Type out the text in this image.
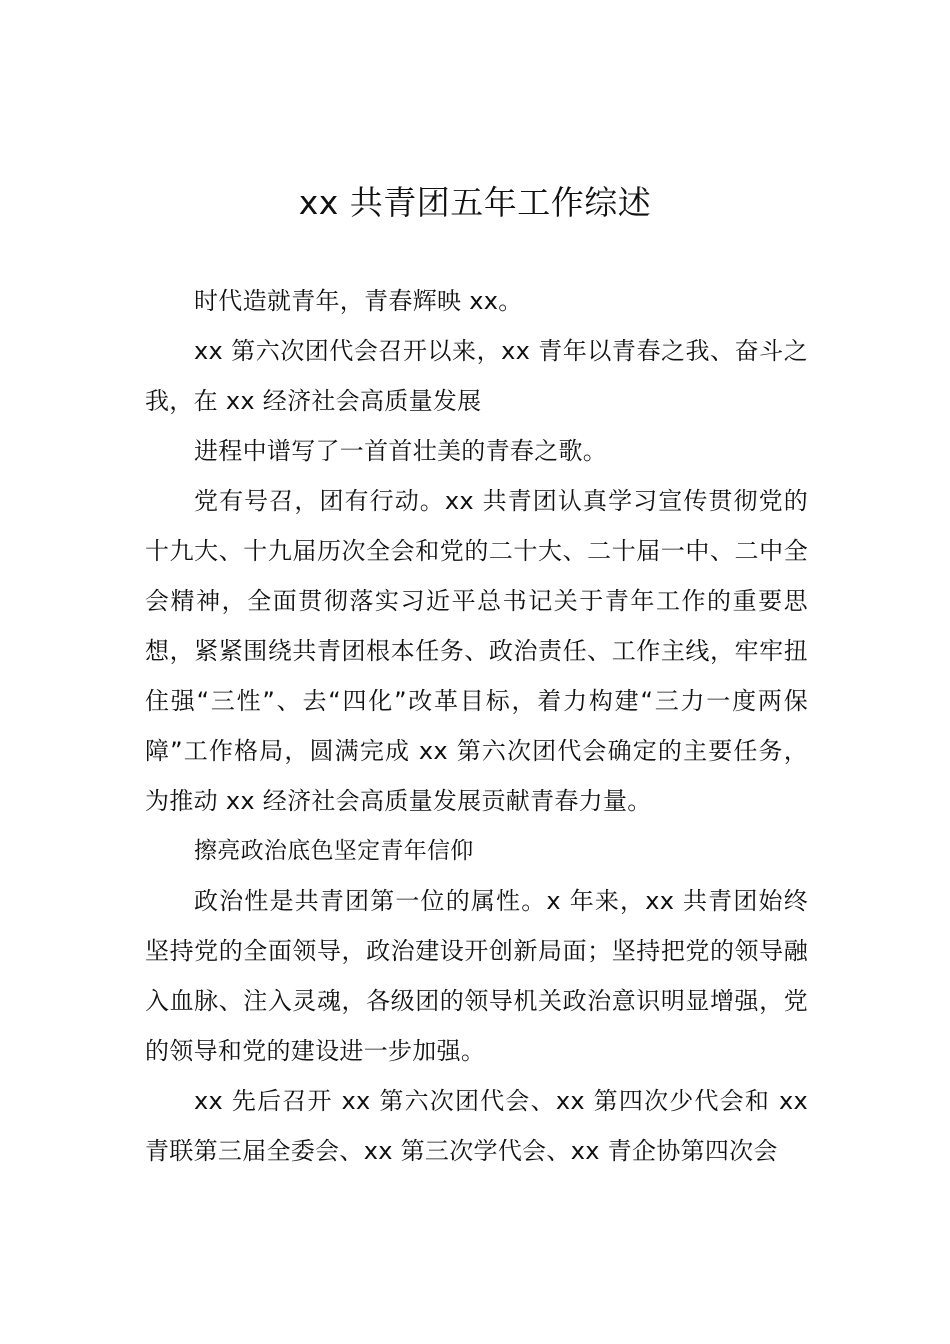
xx 共青团五年工作综述

时代造就青年，青春辉映 xx。

xx 第六次团代会召开以来，xx 青年以青春之我、奋斗之我，在 xx 经济社会高质量发展

进程中谱写了一首首壮美的青春之歌。

党有号召，团有行动。xx 共青团认真学习宣传贯彻党的十九大、十九届历次全会和党的二十大、二十届一中、二中全会精神，全面贯彻落实习近平总书记关于青年工作的重要思想，紧紧围绕共青团根本任务、政治责任、工作主线，牢牢扭住强“三性”、去“四化”改革目标，着力构建“三力一度两保障”工作格局，圆满完成 xx 第六次团代会确定的主要任务，为推动 xx 经济社会高质量发展贡献青春力量。

擦亮政治底色坚定青年信仰

政治性是共青团第一位的属性。x 年来，xx 共青团始终坚持党的全面领导，政治建设开创新局面；坚持把党的领导融入血脉、注入灵魂，各级团的领导机关政治意识明显增强，党的领导和党的建设进一步加强。

xx 先后召开 xx 第六次团代会、xx 第四次少代会和 xx 青联第三届全委会、xx 第三次学代会、xx 青企协第四次会
